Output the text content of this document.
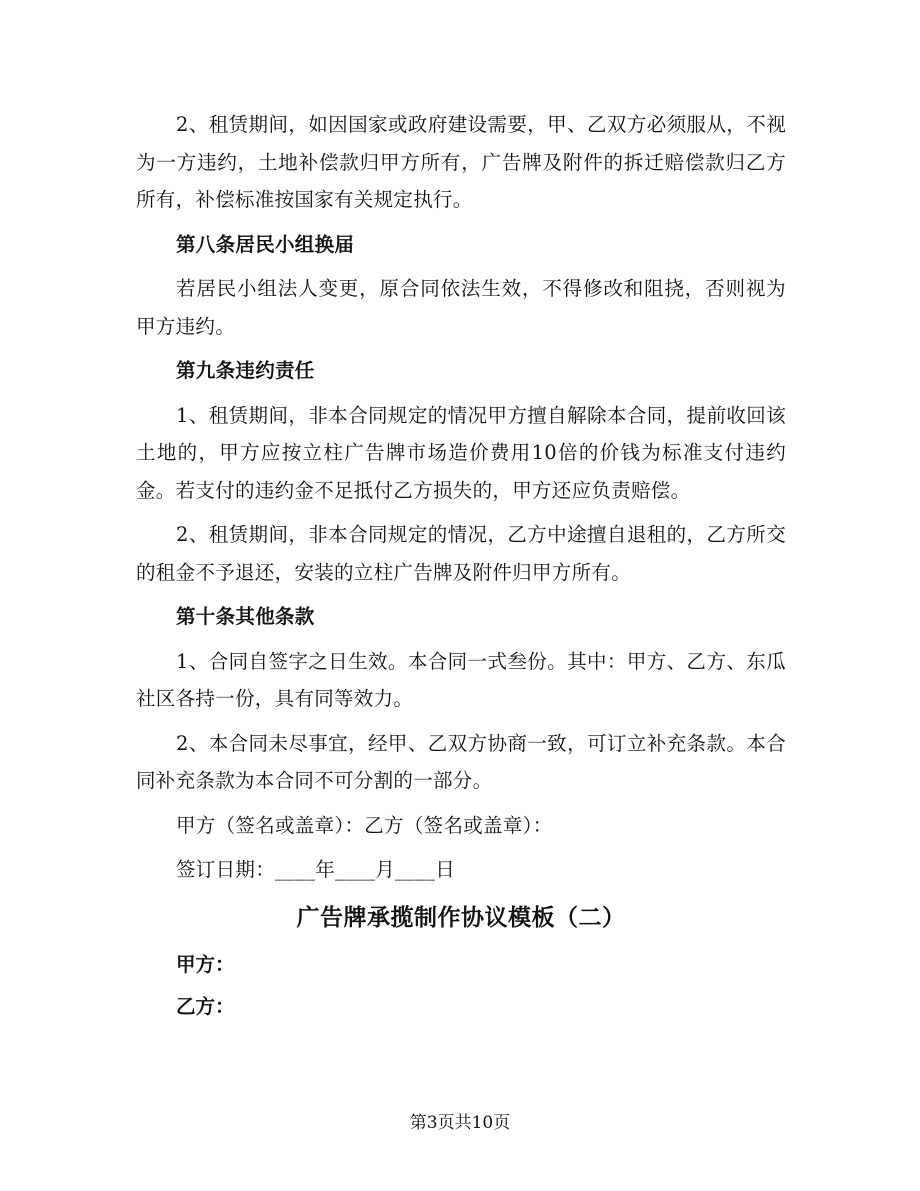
2、租赁期间，如因国家或政府建设需要，甲、乙双方必须服从，不视为一方违约，土地补偿款归甲方所有，广告牌及附件的拆迁赔偿款归乙方所有，补偿标准按国家有关规定执行。

第八条居民小组换届

若居民小组法人变更，原合同依法生效，不得修改和阻挠，否则视为甲方违约。

第九条违约责任

1、租赁期间，非本合同规定的情况甲方擅自解除本合同，提前收回该土地的，甲方应按立柱广告牌市场造价费用10倍的价钱为标准支付违约金。若支付的违约金不足抵付乙方损失的，甲方还应负责赔偿。

2、租赁期间，非本合同规定的情况，乙方中途擅自退租的，乙方所交的租金不予退还，安装的立柱广告牌及附件归甲方所有。

第十条其他条款

1、合同自签字之日生效。本合同一式叁份。其中：甲方、乙方、东瓜社区各持一份，具有同等效力。

2、本合同未尽事宜，经甲、乙双方协商一致，可订立补充条款。本合同补充条款为本合同不可分割的一部分。

甲方（签名或盖章）：乙方（签名或盖章）：

签订日期：____年____月____日

广告牌承揽制作协议模板（二）

甲方：

乙方：

第3页共10页
